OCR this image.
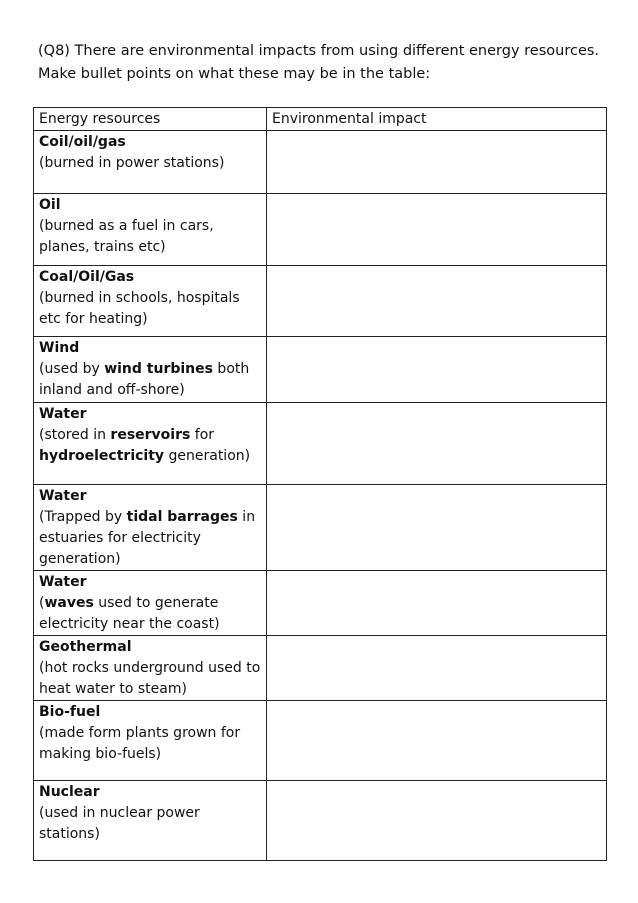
(Q8) There are environmental impacts from using different energy resources.

Make bullet points on what these may be in the table:

Energy resources	Environmental impact

Coil/oil/gas
(burned in power stations)	

Oil
(burned as a fuel in cars, planes, trains etc)	

Coal/Oil/Gas
(burned in schools, hospitals etc for heating)	

Wind
(used by wind turbines both inland and off-shore)	

Water
(stored in reservoirs for hydroelectricity generation)	

Water
(Trapped by tidal barrages in estuaries for electricity generation)	

Water
(waves used to generate electricity near the coast)	

Geothermal
(hot rocks underground used to heat water to steam)	

Bio-fuel
(made form plants grown for making bio-fuels)	

Nuclear
(used in nuclear power stations)	
